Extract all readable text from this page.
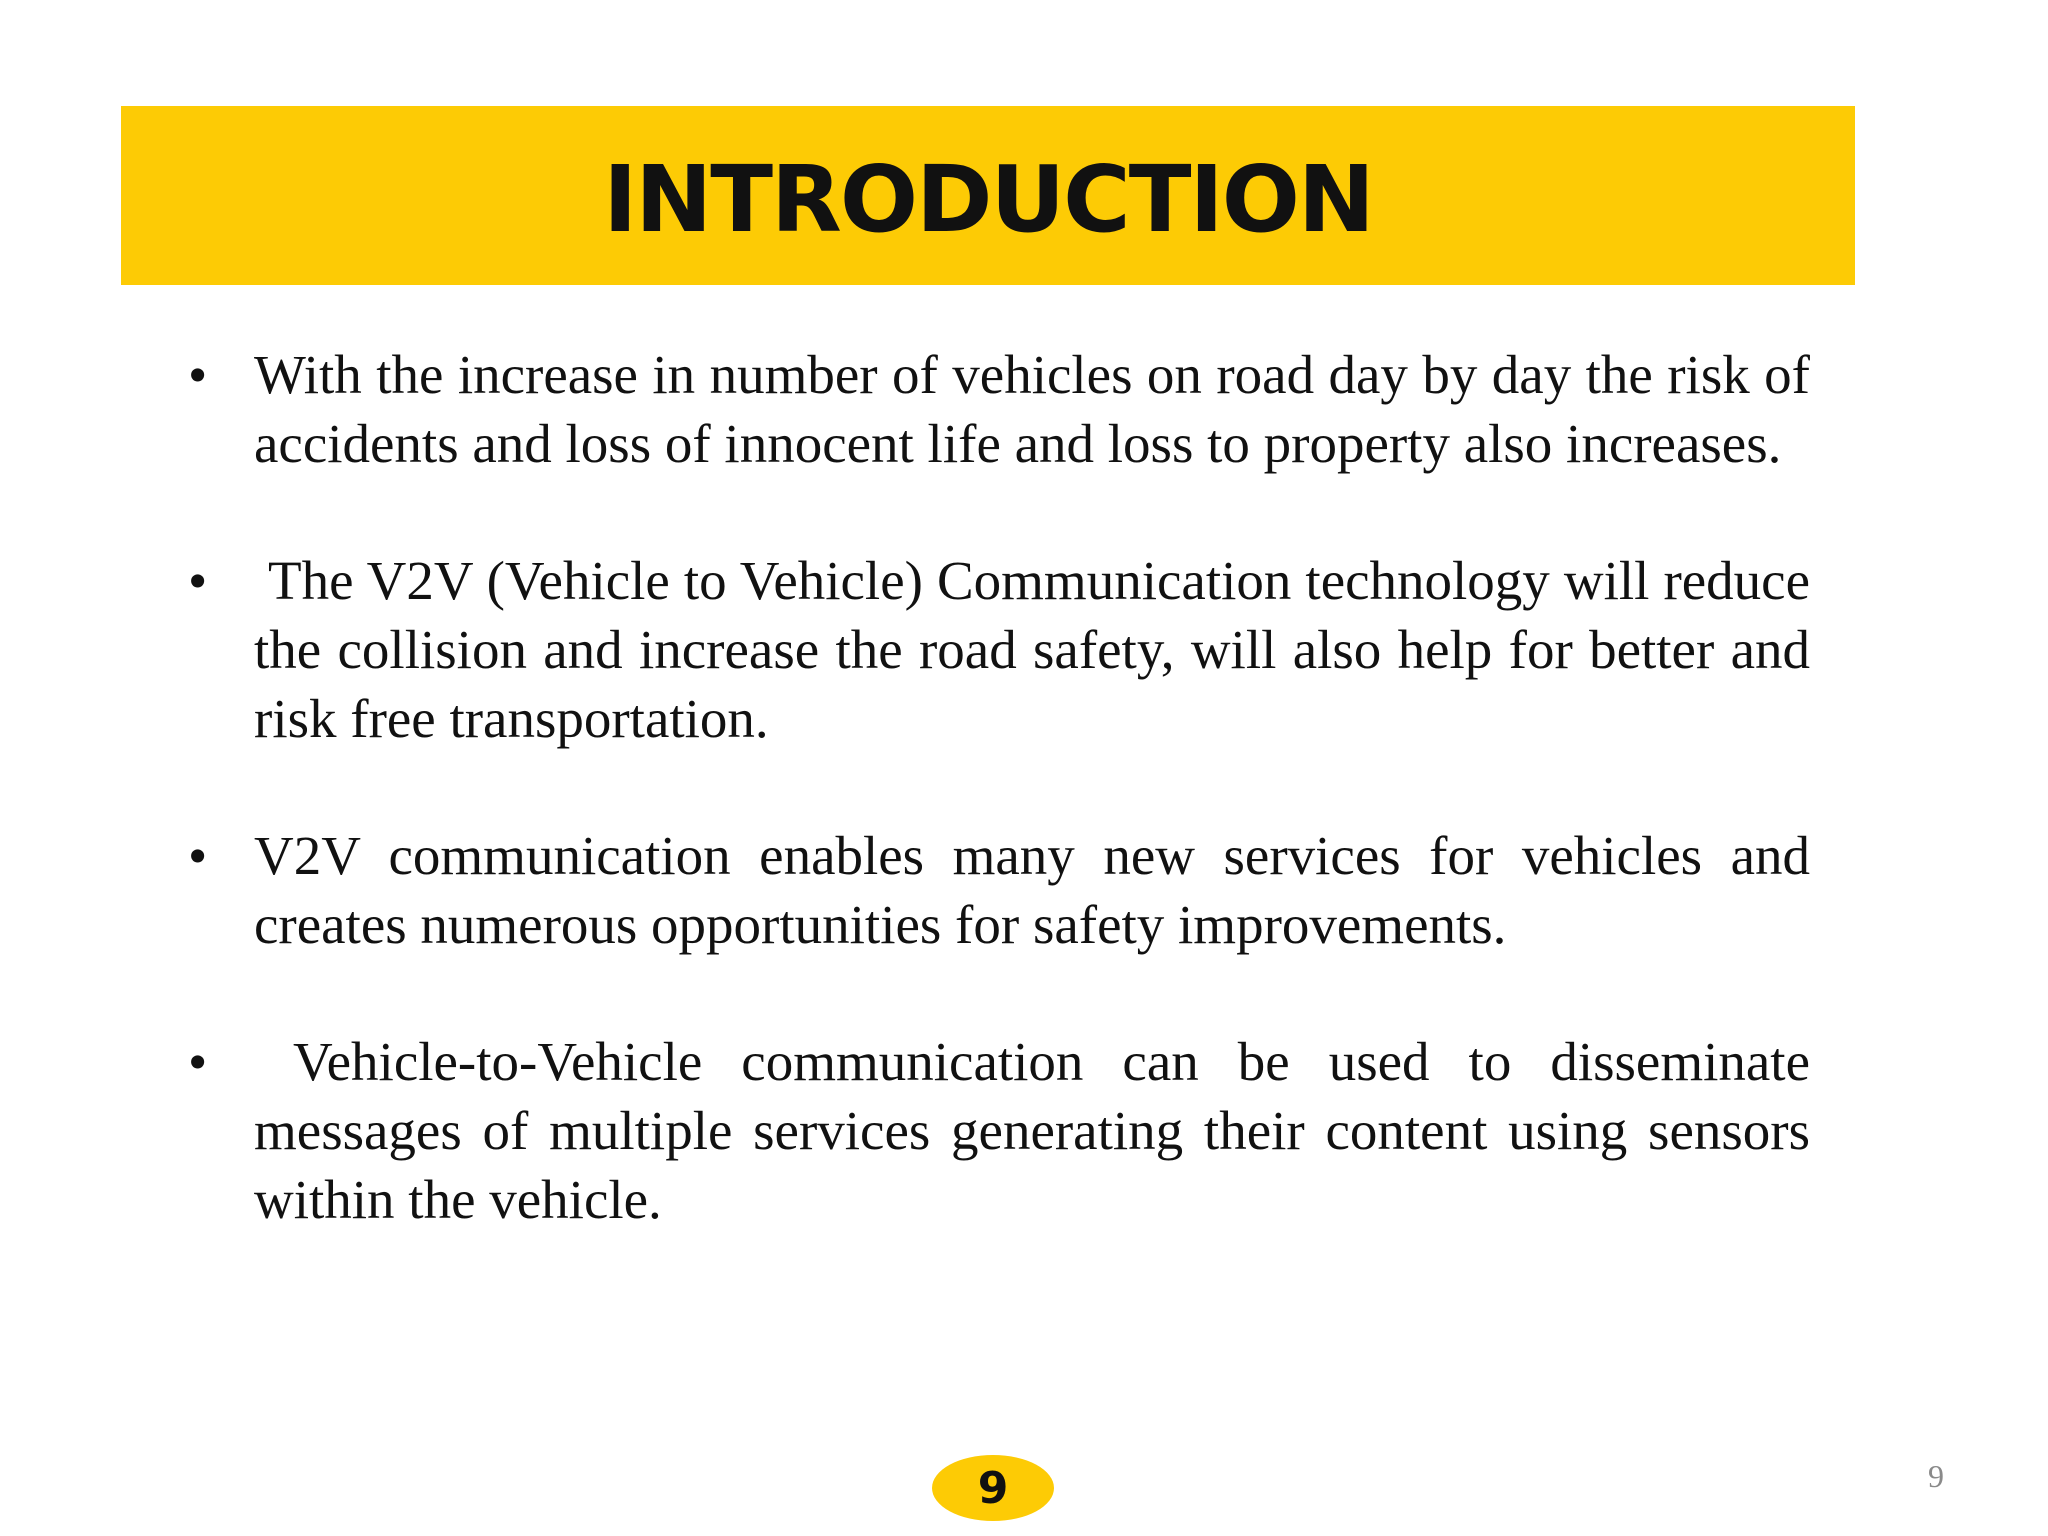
INTRODUCTION
• With the increase in number of vehicles on road day by day the risk of accidents and loss of innocent life and loss to property also increases.
• The V2V (Vehicle to Vehicle) Communication technology will reduce the collision and increase the road safety, will also help for better and risk free transportation.
• V2V communication enables many new services for vehicles and creates numerous opportunities for safety improvements.
• Vehicle-to-Vehicle communication can be used to disseminate messages of multiple services generating their content using sensors within the vehicle.
9	9
